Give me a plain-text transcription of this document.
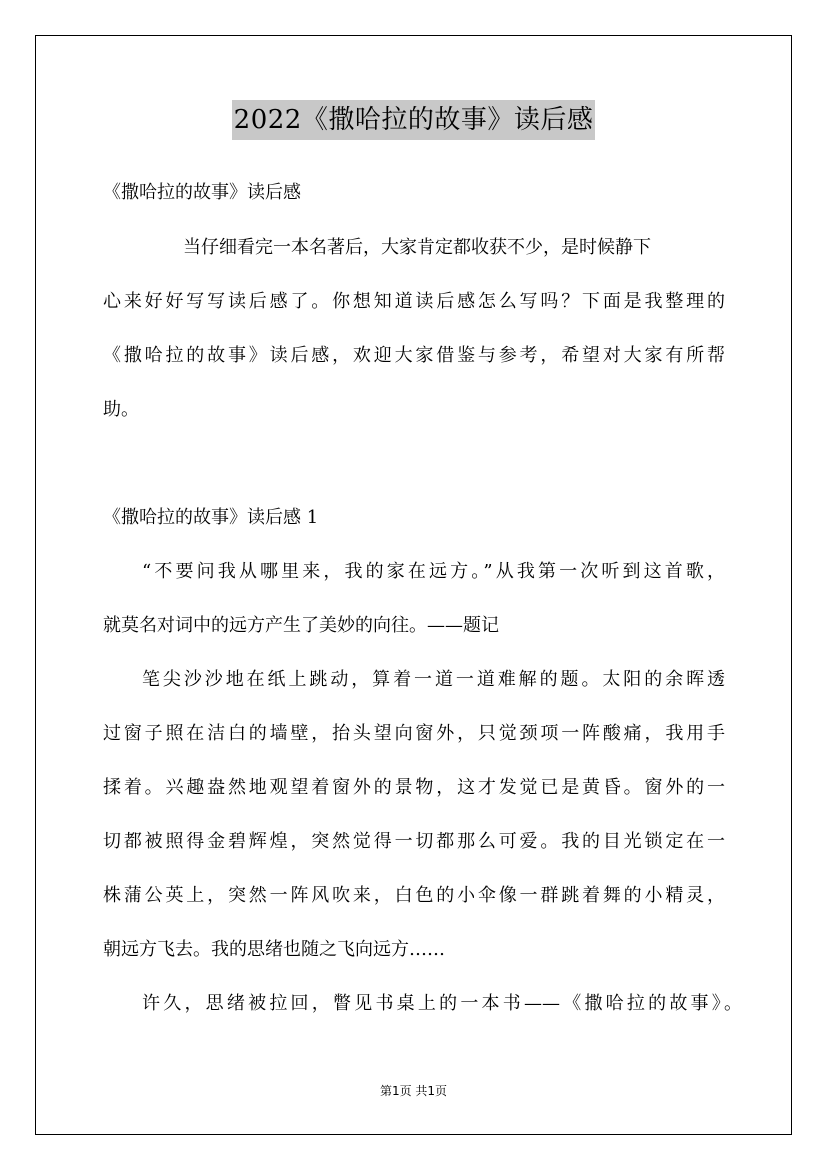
2022《撒哈拉的故事》读后感
《撒哈拉的故事》读后感
当仔细看完一本名著后，大家肯定都收获不少，是时候静下
心来好好写写读后感了。你想知道读后感怎么写吗？下面是我整理的
《撒哈拉的故事》读后感，欢迎大家借鉴与参考，希望对大家有所帮
助。
《撒哈拉的故事》读后感 1
“不要问我从哪里来，我的家在远方。”从我第一次听到这首歌，
就莫名对词中的远方产生了美妙的向往。——题记
笔尖沙沙地在纸上跳动，算着一道一道难解的题。太阳的余晖透
过窗子照在洁白的墙壁，抬头望向窗外，只觉颈项一阵酸痛，我用手
揉着。兴趣盎然地观望着窗外的景物，这才发觉已是黄昏。窗外的一
切都被照得金碧辉煌，突然觉得一切都那么可爱。我的目光锁定在一
株蒲公英上，突然一阵风吹来，白色的小伞像一群跳着舞的小精灵，
朝远方飞去。我的思绪也随之飞向远方……
许久，思绪被拉回，瞥见书桌上的一本书——《撒哈拉的故事》。
第1页 共1页
